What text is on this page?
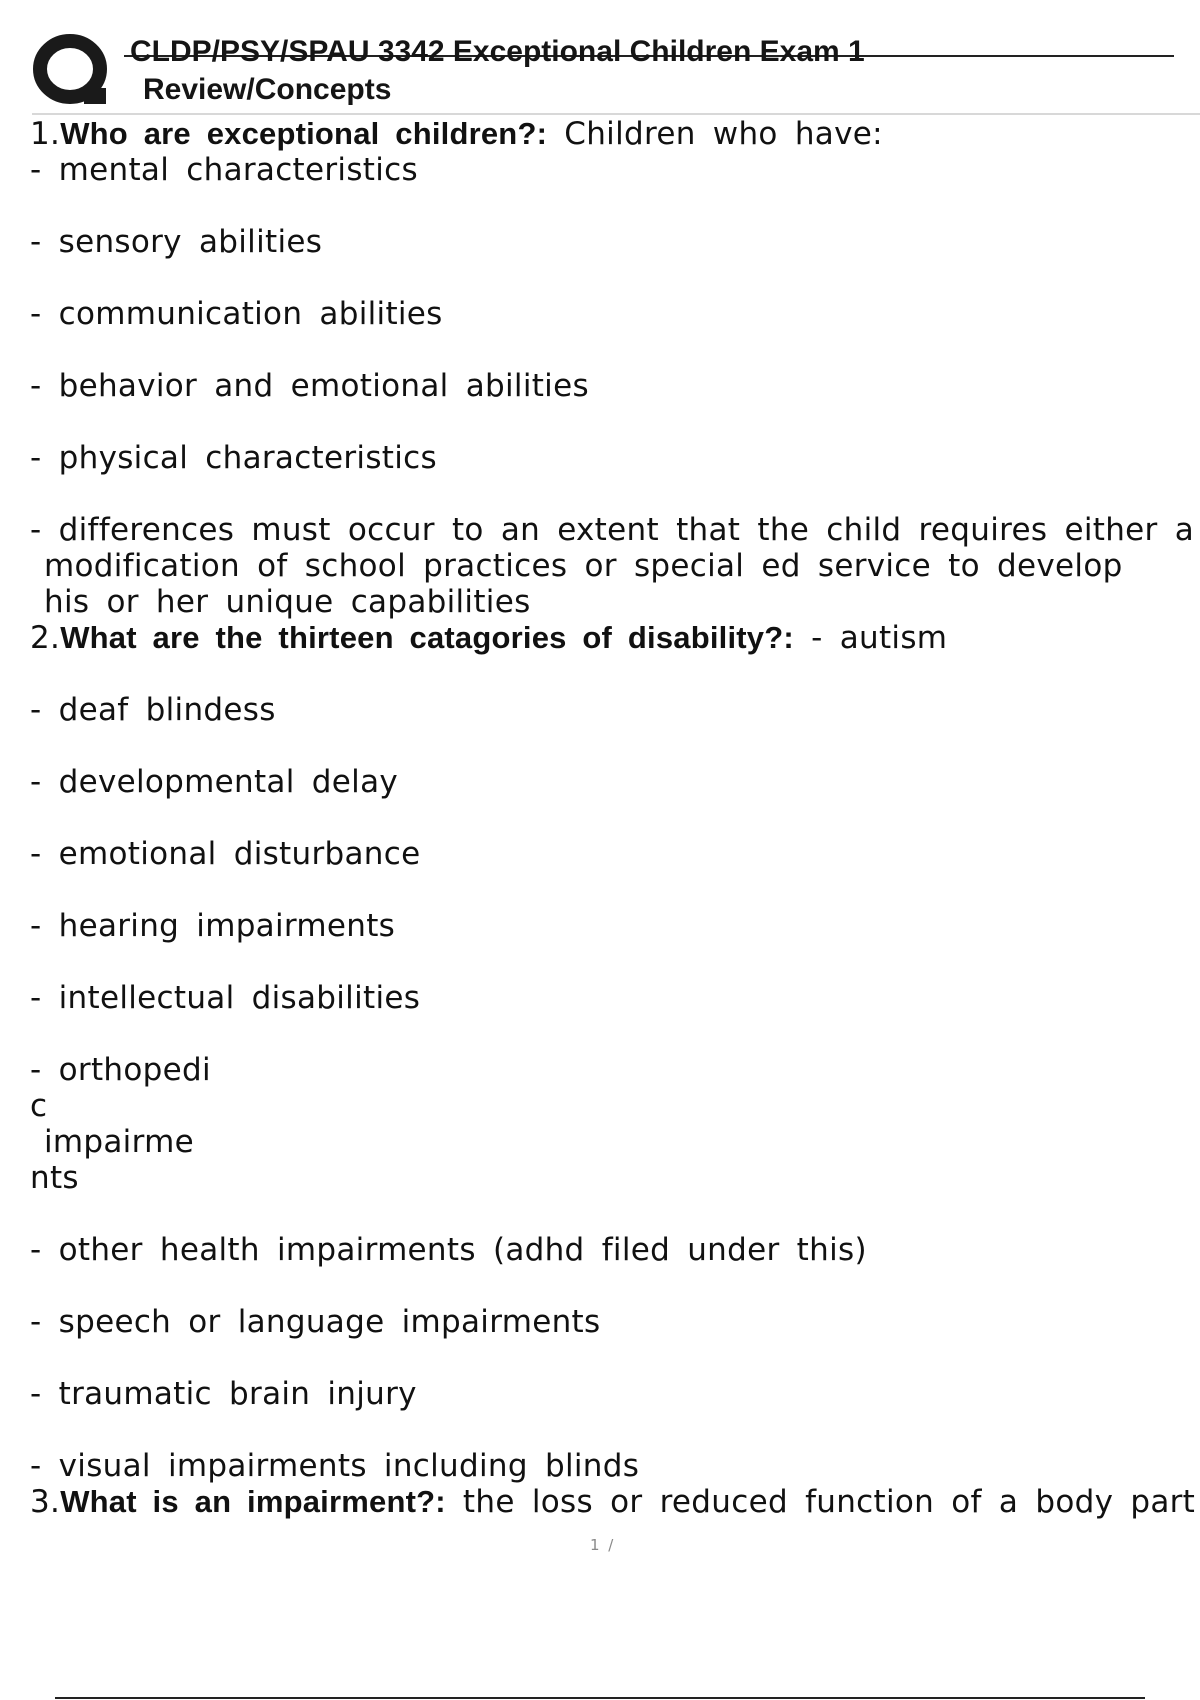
CLDP/PSY/SPAU 3342 Exceptional Children Exam 1
Review/Concepts
1.Who are exceptional children?: Children who have:
- mental characteristics
- sensory abilities
- communication abilities
- behavior and emotional abilities
- physical characteristics
- differences must occur to an extent that the child requires either a
modification of school practices or special ed service to develop
his or her unique capabilities
2.What are the thirteen catagories of disability?: - autism
- deaf blindess
- developmental delay
- emotional disturbance
- hearing impairments
- intellectual disabilities
- orthopedi
c
impairme
nts
- other health impairments (adhd filed under this)
- speech or language impairments
- traumatic brain injury
- visual impairments including blinds
3.What is an impairment?: the loss or reduced function of a body part
1 /
